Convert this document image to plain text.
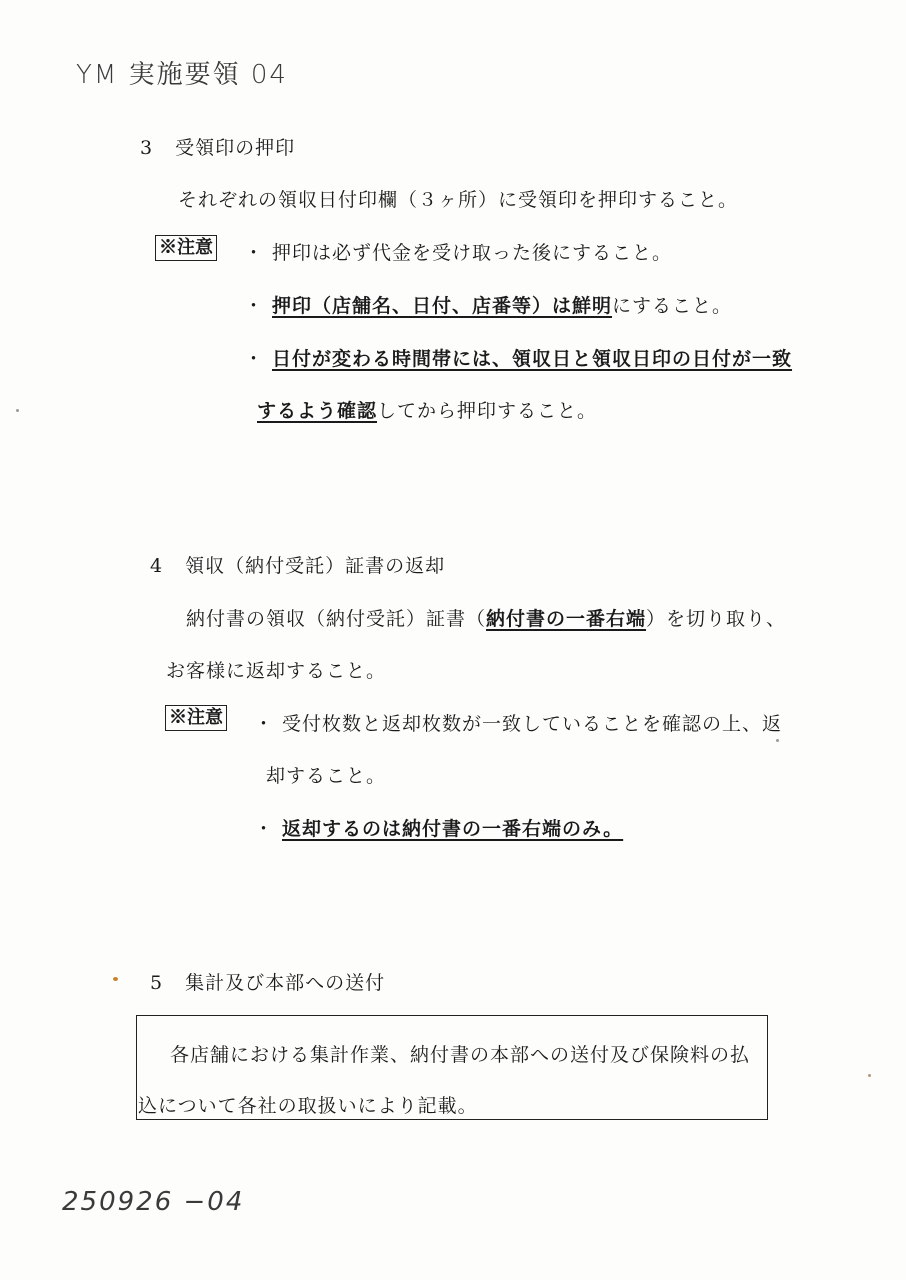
YM 実施要領 04
3 受領印の押印
それぞれの領収日付印欄（３ヶ所）に受領印を押印すること。
※注意 ・ 押印は必ず代金を受け取った後にすること。
・ 押印（店舗名、日付、店番等）は鮮明にすること。
・ 日付が変わる時間帯には、領収日と領収日印の日付が一致
するよう確認してから押印すること。
4 領収（納付受託）証書の返却
納付書の領収（納付受託）証書（納付書の一番右端）を切り取り、
お客様に返却すること。
※注意 ・ 受付枚数と返却枚数が一致していることを確認の上、返
却すること。
・ 返却するのは納付書の一番右端のみ。
5 集計及び本部への送付
各店舗における集計作業、納付書の本部への送付及び保険料の払
込について各社の取扱いにより記載。
250926 −04
